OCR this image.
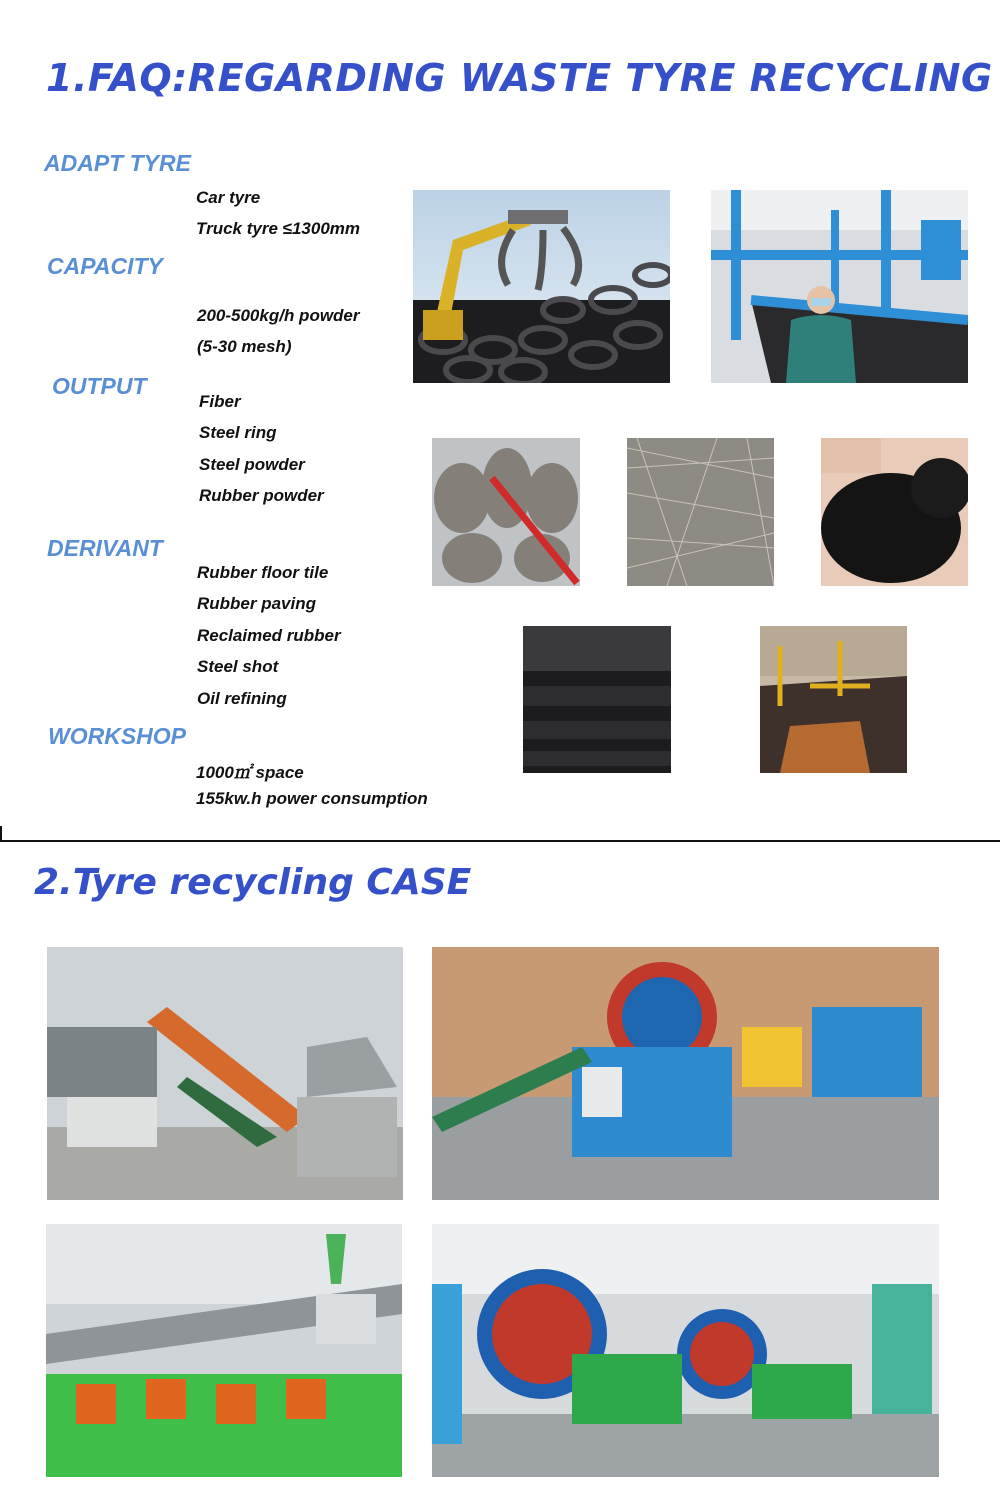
1.FAQ:REGARDING WASTE TYRE RECYCLING
ADAPT TYRE
Car tyre
Truck tyre ≤1300mm
CAPACITY
200-500kg/h powder
(5-30 mesh)
OUTPUT
Fiber
Steel ring
Steel powder
Rubber powder
DERIVANT
Rubber floor tile
Rubber paving
Reclaimed rubber
Steel shot
Oil refining
WORKSHOP
1000㎡ space
155kw.h power consumption
2.Tyre recycling CASE
